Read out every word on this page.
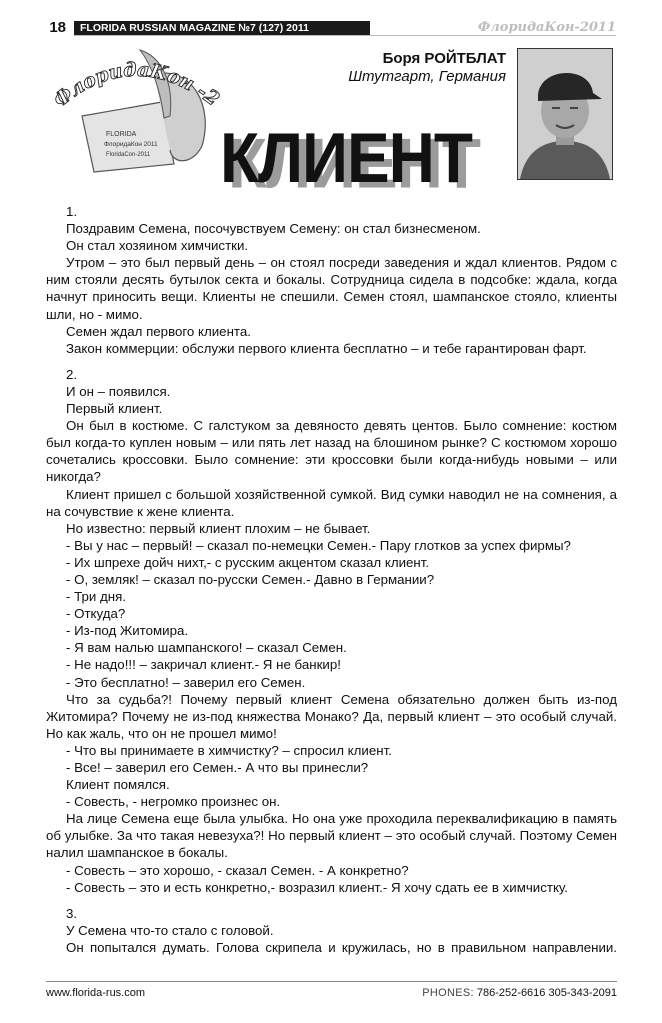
18	FLORIDA RUSSIAN MAGAZINE №7 (127) 2011	ФлоридаКон-2011
ФлоридаКон -2
FLORIDA
ФлоридаКон 2011
FloridaCon-2011
Боря РОЙТБЛАТ
Штутгарт, Германия
КЛИЕНТ

1.

Поздравим Семена, посочувствуем Семену: он стал бизнесменом.

Он стал хозяином химчистки.

Утром – это был первый день – он стоял посреди заведения и ждал клиентов. Рядом с ним стояли десять бутылок секта и бокалы. Сотрудница сидела в подсобке: ждала, когда начнут приносить вещи. Клиенты не спешили. Семен стоял, шампанское стояло, клиенты шли, но - мимо.

Семен ждал первого клиента.

Закон коммерции: обслужи первого клиента бесплатно – и тебе гарантирован фарт.

2.

И он – появился.

Первый клиент.

Он был в костюме. С галстуком за девяносто девять центов. Было сомнение: костюм был когда-то куплен новым – или пять лет назад на блошином рынке? С костюмом хорошо сочетались кроссовки. Было сомнение: эти кроссовки были когда-нибудь новыми – или никогда?

Клиент пришел с большой хозяйственной сумкой. Вид сумки наводил не на сомнения, а на сочувствие к жене клиента.

Но известно: первый клиент плохим – не бывает.

- Вы у нас – первый! – сказал по-немецки Семен.- Пару глотков за успех фирмы?

- Их шпрехе дойч нихт,- с русским акцентом сказал клиент.

- О, земляк! – сказал по-русски Семен.- Давно в Германии?

- Три дня.

- Откуда?

- Из-под Житомира.

- Я вам налью шампанского! – сказал Семен.

- Не надо!!! – закричал клиент.- Я не банкир!

- Это бесплатно! – заверил его Семен.

Что за судьба?! Почему первый клиент Семена обязательно должен быть из-под Житомира? Почему не из-под княжества Монако? Да, первый клиент – это особый случай. Но как жаль, что он не прошел мимо!

- Что вы принимаете в химчистку? – спросил клиент.

- Все! – заверил его Семен.- А что вы принесли?

Клиент помялся.

- Совесть, - негромко произнес он.

На лице Семена еще была улыбка. Но она уже проходила переквалификацию в память об улыбке. За что такая невезуха?! Но первый клиент – это особый случай. Поэтому Семен налил шампанское в бокалы.

- Совесть – это хорошо, - сказал Семен. - А конкретно?

- Совесть – это и есть конкретно,- возразил клиент.- Я хочу сдать ее в химчистку.

3.

У Семена что-то стало с головой.

Он попытался думать. Голова скрипела и кружилась, но в правильном направлении.

www.florida-rus.com	PHONES: 786-252-6616 305-343-2091
